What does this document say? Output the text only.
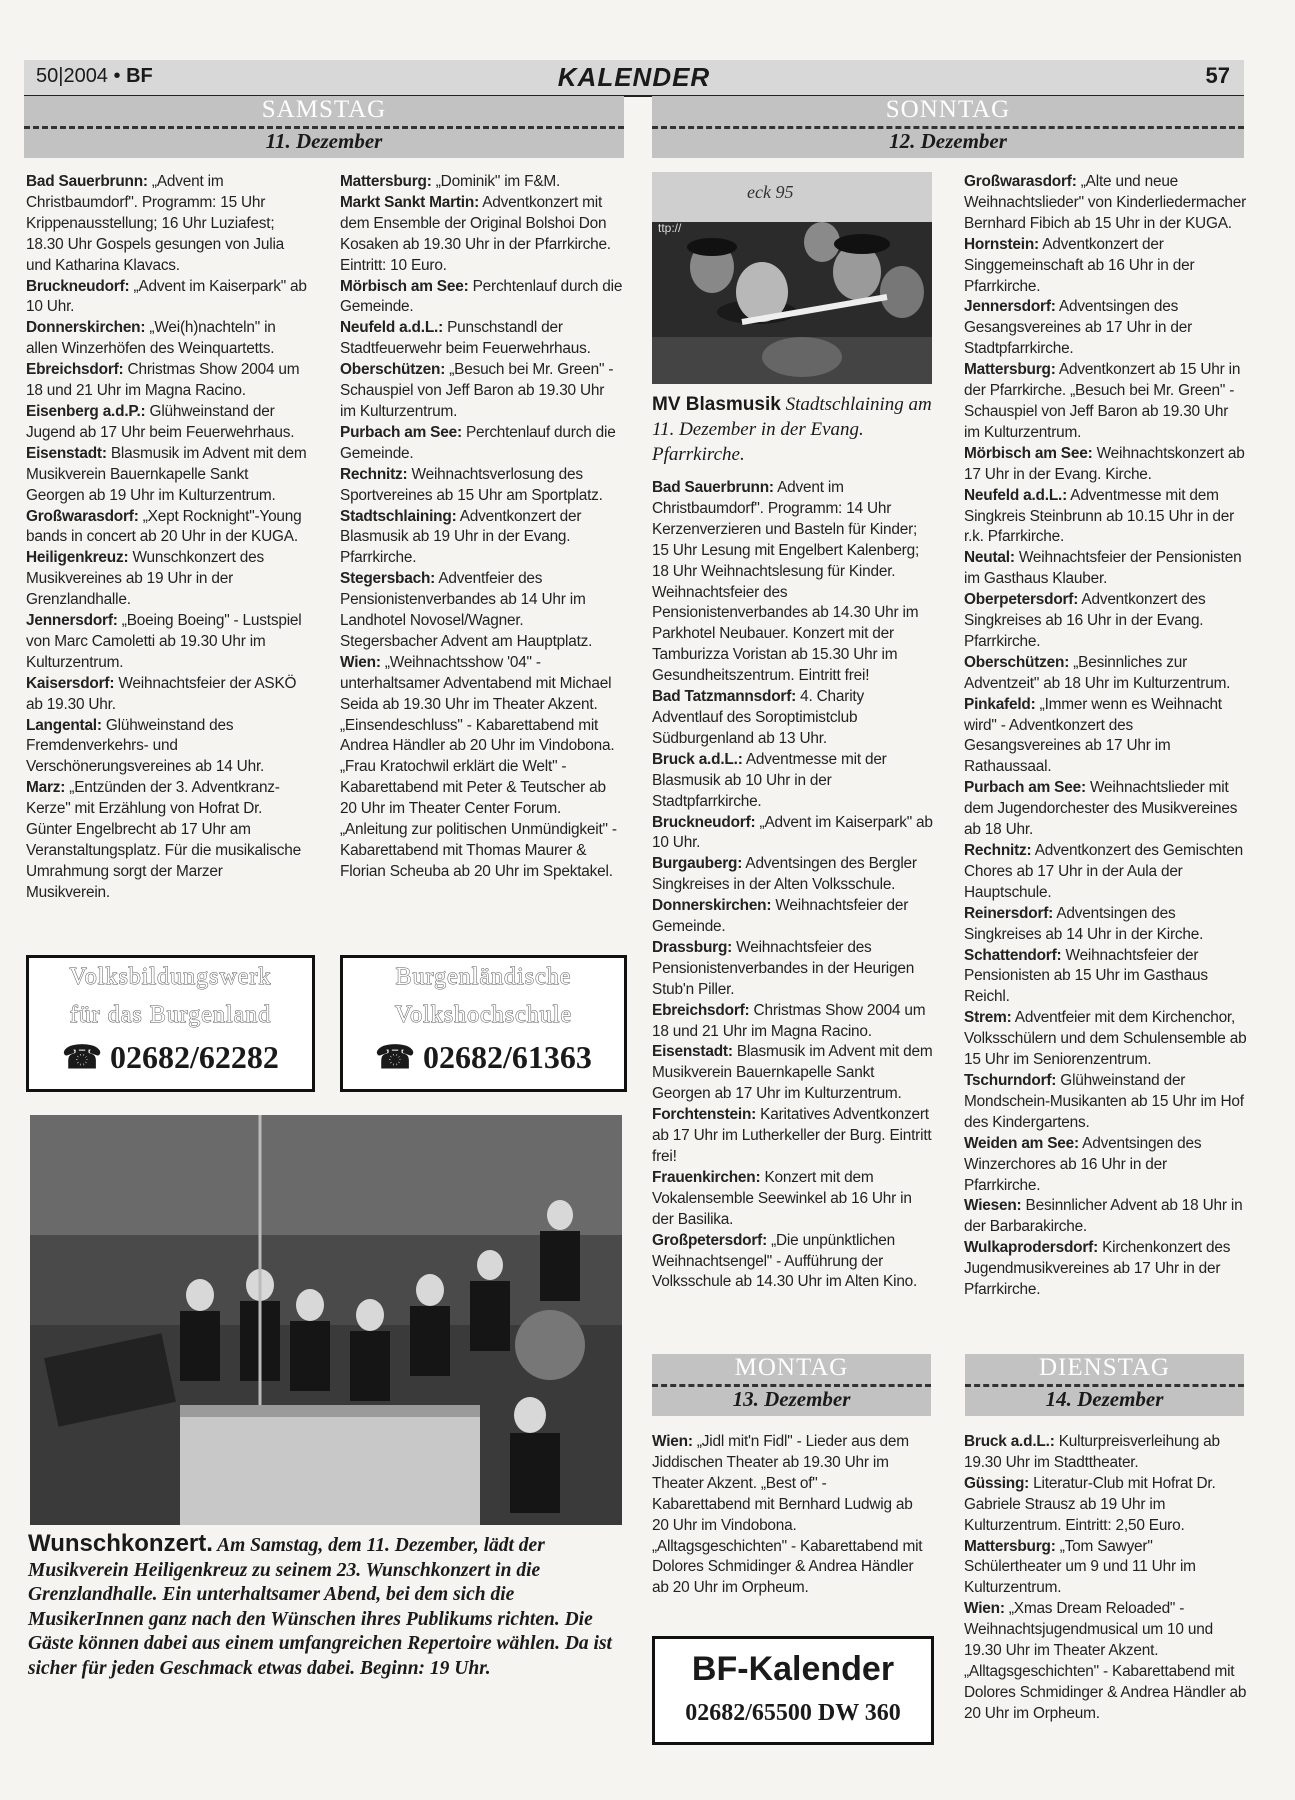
50|2004 • BF	KALENDER	57
SAMSTAG
11. Dezember
SONNTAG
12. Dezember
MONTAG
13. Dezember
DIENSTAG
14. Dezember

Bad Sauerbrunn: „Advent im Christbaumdorf". Programm: 15 Uhr Krippenausstellung; 16 Uhr Luziafest; 18.30 Uhr Gospels gesungen von Julia und Katharina Klavacs.

Bruckneudorf: „Advent im Kaiserpark" ab 10 Uhr.

Donnerskirchen: „Wei(h)nachteln" in allen Winzerhöfen des Weinquartetts.

Ebreichsdorf: Christmas Show 2004 um 18 und 21 Uhr im Magna Racino.

Eisenberg a.d.P.: Glühweinstand der Jugend ab 17 Uhr beim Feuerwehrhaus.

Eisenstadt: Blasmusik im Advent mit dem Musikverein Bauernkapelle Sankt Georgen ab 19 Uhr im Kulturzentrum.

Großwarasdorf: „Xept Rocknight"-Young bands in concert ab 20 Uhr in der KUGA.

Heiligenkreuz: Wunschkonzert des Musikvereines ab 19 Uhr in der Grenzlandhalle.

Jennersdorf: „Boeing Boeing" - Lustspiel von Marc Camoletti ab 19.30 Uhr im Kulturzentrum.

Kaisersdorf: Weihnachtsfeier der ASKÖ ab 19.30 Uhr.

Langental: Glühweinstand des Fremdenverkehrs- und Verschönerungsvereines ab 14 Uhr.

Marz: „Entzünden der 3. Adventkranz-Kerze" mit Erzählung von Hofrat Dr. Günter Engelbrecht ab 17 Uhr am Veranstaltungsplatz. Für die musikalische Umrahmung sorgt der Marzer Musikverein.

Mattersburg: „Dominik" im F&M.

Markt Sankt Martin: Adventkonzert mit dem Ensemble der Original Bolshoi Don Kosaken ab 19.30 Uhr in der Pfarrkirche. Eintritt: 10 Euro.

Mörbisch am See: Perchtenlauf durch die Gemeinde.

Neufeld a.d.L.: Punschstandl der Stadtfeuerwehr beim Feuerwehrhaus.

Oberschützen: „Besuch bei Mr. Green" - Schauspiel von Jeff Baron ab 19.30 Uhr im Kulturzentrum.

Purbach am See: Perchtenlauf durch die Gemeinde.

Rechnitz: Weihnachtsverlosung des Sportvereines ab 15 Uhr am Sportplatz.

Stadtschlaining: Adventkonzert der Blasmusik ab 19 Uhr in der Evang. Pfarrkirche.

Stegersbach: Adventfeier des Pensionistenverbandes ab 14 Uhr im Landhotel Novosel/Wagner. Stegersbacher Advent am Hauptplatz.

Wien: „Weihnachtsshow '04" - unterhaltsamer Adventabend mit Michael Seida ab 19.30 Uhr im Theater Akzent. „Einsendeschluss" - Kabarettabend mit Andrea Händler ab 20 Uhr im Vindobona. „Frau Kratochwil erklärt die Welt" - Kabarettabend mit Peter & Teutscher ab 20 Uhr im Theater Center Forum. „Anleitung zur politischen Unmündigkeit" - Kabarettabend mit Thomas Maurer & Florian Scheuba ab 20 Uhr im Spektakel.

Bad Sauerbrunn: Advent im Christbaumdorf". Programm: 14 Uhr Kerzenverzieren und Basteln für Kinder; 15 Uhr Lesung mit Engelbert Kalenberg; 18 Uhr Weihnachtslesung für Kinder. Weihnachtsfeier des Pensionistenverbandes ab 14.30 Uhr im Parkhotel Neubauer. Konzert mit der Tamburizza Voristan ab 15.30 Uhr im Gesundheitszentrum. Eintritt frei!

Bad Tatzmannsdorf: 4. Charity Adventlauf des Soroptimistclub Südburgenland ab 13 Uhr.

Bruck a.d.L.: Adventmesse mit der Blasmusik ab 10 Uhr in der Stadtpfarrkirche.

Bruckneudorf: „Advent im Kaiserpark" ab 10 Uhr.

Burgauberg: Adventsingen des Bergler Singkreises in der Alten Volksschule.

Donnerskirchen: Weihnachtsfeier der Gemeinde.

Drassburg: Weihnachtsfeier des Pensionistenverbandes in der Heurigen Stub'n Piller.

Ebreichsdorf: Christmas Show 2004 um 18 und 21 Uhr im Magna Racino.

Eisenstadt: Blasmusik im Advent mit dem Musikverein Bauernkapelle Sankt Georgen ab 17 Uhr im Kulturzentrum.

Forchtenstein: Karitatives Adventkonzert ab 17 Uhr im Lutherkeller der Burg. Eintritt frei!

Frauenkirchen: Konzert mit dem Vokalensemble Seewinkel ab 16 Uhr in der Basilika.

Großpetersdorf: „Die unpünktlichen Weihnachtsengel" - Aufführung der Volksschule ab 14.30 Uhr im Alten Kino.

Großwarasdorf: „Alte und neue Weihnachtslieder" von Kinderliedermacher Bernhard Fibich ab 15 Uhr in der KUGA.

Hornstein: Adventkonzert der Singgemeinschaft ab 16 Uhr in der Pfarrkirche.

Jennersdorf: Adventsingen des Gesangsvereines ab 17 Uhr in der Stadtpfarrkirche.

Mattersburg: Adventkonzert ab 15 Uhr in der Pfarrkirche. „Besuch bei Mr. Green" - Schauspiel von Jeff Baron ab 19.30 Uhr im Kulturzentrum.

Mörbisch am See: Weihnachtskonzert ab 17 Uhr in der Evang. Kirche.

Neufeld a.d.L.: Adventmesse mit dem Singkreis Steinbrunn ab 10.15 Uhr in der r.k. Pfarrkirche.

Neutal: Weihnachtsfeier der Pensionisten im Gasthaus Klauber.

Oberpetersdorf: Adventkonzert des Singkreises ab 16 Uhr in der Evang. Pfarrkirche.

Oberschützen: „Besinnliches zur Adventzeit" ab 18 Uhr im Kulturzentrum.

Pinkafeld: „Immer wenn es Weihnacht wird" - Adventkonzert des Gesangsvereines ab 17 Uhr im Rathaussaal.

Purbach am See: Weihnachtslieder mit dem Jugendorchester des Musikvereines ab 18 Uhr.

Rechnitz: Adventkonzert des Gemischten Chores ab 17 Uhr in der Aula der Hauptschule.

Reinersdorf: Adventsingen des Singkreises ab 14 Uhr in der Kirche.

Schattendorf: Weihnachtsfeier der Pensionisten ab 15 Uhr im Gasthaus Reichl.

Strem: Adventfeier mit dem Kirchenchor, Volksschülern und dem Schulensemble ab 15 Uhr im Seniorenzentrum.

Tschurndorf: Glühweinstand der Mondschein-Musikanten ab 15 Uhr im Hof des Kindergartens.

Weiden am See: Adventsingen des Winzerchores ab 16 Uhr in der Pfarrkirche.

Wiesen: Besinnlicher Advent ab 18 Uhr in der Barbarakirche.

Wulkaprodersdorf: Kirchenkonzert des Jugendmusikvereines ab 17 Uhr in der Pfarrkirche.

Wien: „Jidl mit'n Fidl" - Lieder aus dem Jiddischen Theater ab 19.30 Uhr im Theater Akzent. „Best of" - Kabarettabend mit Bernhard Ludwig ab 20 Uhr im Vindobona. „Alltagsgeschichten" - Kabarettabend mit Dolores Schmidinger & Andrea Händler ab 20 Uhr im Orpheum.

Bruck a.d.L.: Kulturpreisverleihung ab 19.30 Uhr im Stadttheater.

Güssing: Literatur-Club mit Hofrat Dr. Gabriele Strausz ab 19 Uhr im Kulturzentrum. Eintritt: 2,50 Euro.

Mattersburg: „Tom Sawyer" Schülertheater um 9 und 11 Uhr im Kulturzentrum.

Wien: „Xmas Dream Reloaded" - Weihnachtsjugendmusical um 10 und 19.30 Uhr im Theater Akzent. „Alltagsgeschichten" - Kabarettabend mit Dolores Schmidinger & Andrea Händler ab 20 Uhr im Orpheum.

Volksbildungswerk
für das Burgenland
☎ 02682/62282
Burgenländische
Volkshochschule
☎ 02682/61363
eck 95
ttp://
MV Blasmusik Stadtschlaining am 11. Dezember in der Evang. Pfarrkirche.
Wunschkonzert. Am Samstag, dem 11. Dezember, lädt der Musikverein Heiligenkreuz zu seinem 23. Wunschkonzert in die Grenzlandhalle. Ein unterhaltsamer Abend, bei dem sich die MusikerInnen ganz nach den Wünschen ihres Publikums richten. Die Gäste können dabei aus einem umfangreichen Repertoire wählen. Da ist sicher für jeden Geschmack etwas dabei. Beginn: 19 Uhr.	BF-Kalender
02682/65500 DW 360
